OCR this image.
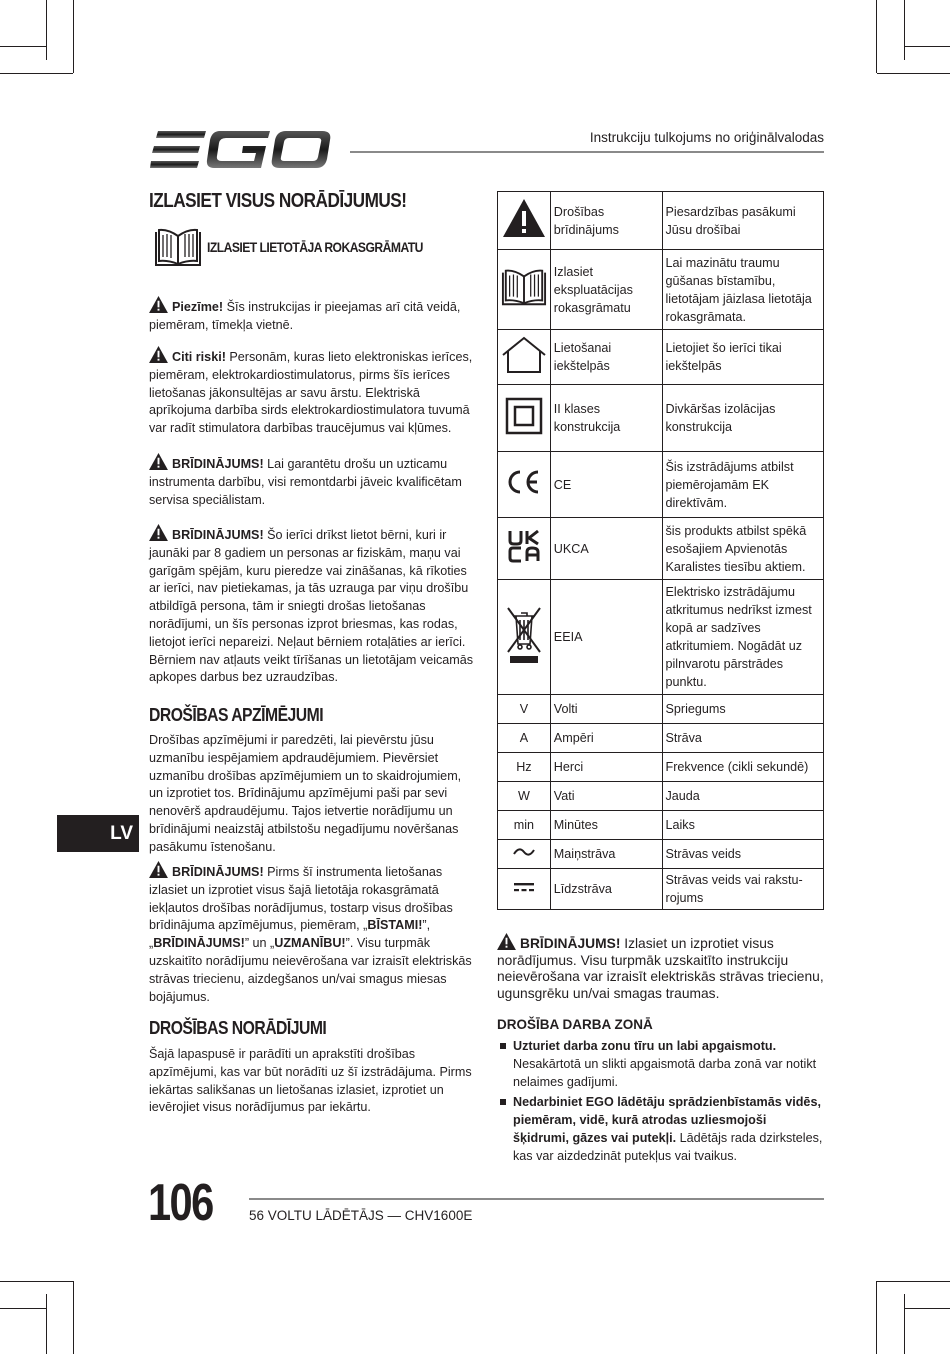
EGO
Instrukciju tulkojums no oriģinālvalodas
IZLASIET VISUS NORĀDĪJUMUS!
IZLASIET LIETOTĀJA ROKASGRĀMATU
Piezīme! Šīs instrukcijas ir pieejamas arī citā veidā, piemēram, tīmekļa vietnē.
Citi riski! Personām, kuras lieto elektroniskas ierīces, piemēram, elektrokardiostimulatorus, pirms šīs ierīces lietošanas jākonsultējas ar savu ārstu. Elektriskā aprīkojuma darbība sirds elektrokardiostimulatora tuvumā var radīt stimulatora darbības traucējumus vai kļūmes.
BRĪDINĀJUMS! Lai garantētu drošu un uzticamu instrumenta darbību, visi remontdarbi jāveic kvalificētam servisa speciālistam.
BRĪDINĀJUMS! Šo ierīci drīkst lietot bērni, kuri ir jaunāki par 8 gadiem un personas ar fiziskām, maņu vai garīgām spējām, kuru pieredze vai zināšanas, kā rīkoties ar ierīci, nav pietiekamas, ja tās uzrauga par viņu drošību atbildīgā persona, tām ir sniegti drošas lietošanas norādījumi, un šīs personas izprot briesmas, kas rodas, lietojot ierīci nepareizi. Neļaut bērniem rotaļāties ar ierīci. Bērniem nav atļauts veikt tīrīšanas un lietotājam veicamās apkopes darbus bez uzraudzības.
DROŠĪBAS APZĪMĒJUMI
Drošības apzīmējumi ir paredzēti, lai pievērstu jūsu uzmanību iespējamiem apdraudējumiem. Pievērsiet uzmanību drošības apzīmējumiem un to skaidrojumiem, un izprotiet tos. Brīdinājumu apzīmējumi paši par sevi nenovērš apdraudējumu. Tajos ietvertie norādījumu un brīdinājumi neaizstāj atbilstošu negadījumu novēršanas pasākumu īstenošanu.
BRĪDINĀJUMS! Pirms šī instrumenta lietošanas izlasiet un izprotiet visus šajā lietotāja rokasgrāmatā iekļautos drošības norādījumus, tostarp visus drošības brīdinājuma apzīmējumus, piemēram, „BĪSTAMI!”, „BRĪDINĀJUMS!” un „UZMANĪBU!”. Visu turpmāk uzskaitīto norādījumu neievērošana var izraisīt elektriskās strāvas triecienu, aizdegšanos un/vai smagus miesas bojājumus.
DROŠĪBAS NORĀDĪJUMI
Šajā lapaspusē ir parādīti un aprakstīti drošības apzīmējumi, kas var būt norādīti uz šī izstrādājuma. Pirms iekārtas salikšanas un lietošanas izlasiet, izprotiet un ievērojiet visus norādījumus par iekārtu.
LV
	Drošības brīdinājums	Piesardzības pasākumi Jūsu drošībai
	Izlasiet ekspluatācijas rokasgrāmatu	Lai mazinātu traumu gūšanas bīstamību, lietotājam jāizlasa lietotāja rokasgrāmata.
	Lietošanai iekštelpās	Lietojiet šo ierīci tikai iekštelpās
	II klases konstrukcija	Divkāršas izolācijas konstrukcija
	CE	Šis izstrādājums atbilst piemērojamām EK direktīvām.
	UKCA	šis produkts atbilst spēkā esošajiem Apvienotās Karalistes tiesību aktiem.
	EEIA	Elektrisko izstrādājumu atkritumus nedrīkst izmest kopā ar sadzīves atkritumiem. Nogādāt uz pilnvarotu pārstrādes punktu.
V	Volti	Spriegums
A	Ampēri	Strāva
Hz	Herci	Frekvence (cikli sekundē)
W	Vati	Jauda
min	Minūtes	Laiks
	Maiņstrāva	Strāvas veids
	Līdzstrāva	Strāvas veids vai raksturojums
BRĪDINĀJUMS! Izlasiet un izprotiet visus norādījumus. Visu turpmāk uzskaitīto instrukciju neievērošana var izraisīt elektriskās strāvas triecienu, ugunsgrēku un/vai smagas traumas.
DROŠĪBA DARBA ZONĀ
Uzturiet darba zonu tīru un labi apgaismotu. Nesakārtotā un slikti apgaismotā darba zonā var notikt nelaimes gadījumi.
Nedarbiniet EGO lādētāju sprādzienbīstamās vidēs, piemēram, vidē, kurā atrodas uzliesmojoši šķidrumi, gāzes vai putekļi. Lādētājs rada dzirksteles, kas var aizdedzināt putekļus vai tvaikus.
106	56 VOLTU LĀDĒTĀJS — CHV1600E
